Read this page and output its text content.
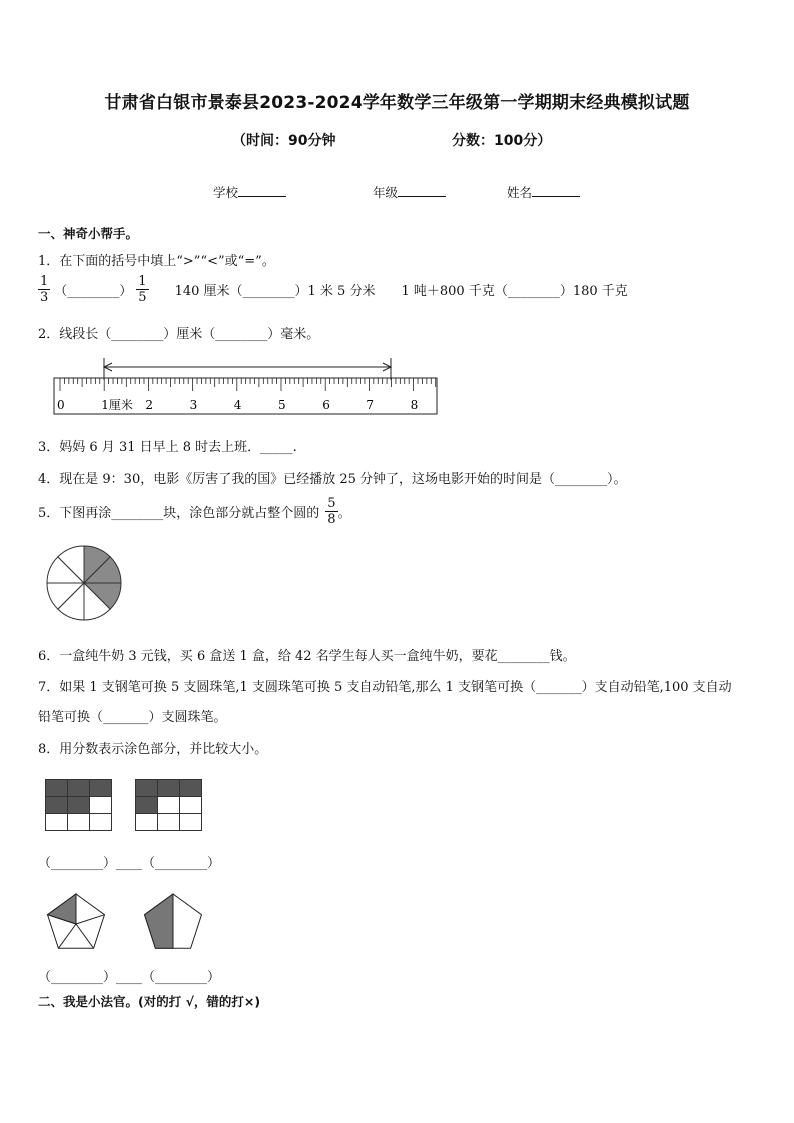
甘肃省白银市景泰县2023-2024学年数学三年级第一学期期末经典模拟试题
（时间：90分钟	分数：100分）
学校	年级	姓名
一、神奇小帮手。
1．在下面的括号中填上“>”“<”或“=”。
$\frac{1}{3}$ （________） $\frac{1}{5} 140$ 厘米（________）1 米 5 分米 1 吨＋800 千克（________）180 千克
2．线段长（________）厘米（________）毫米。
0	1厘米 2	3	4	5	6	7	8
3．妈妈 6 月 31 日早上 8 时去上班．_____.
4．现在是 9：30，电影《厉害了我的国》已经播放 25 分钟了，这场电影开始的时间是（________）。
5．下图再涂________块，涂色部分就占整个圆的 $\frac{5}{8}$ 。
6．一盒纯牛奶 3 元钱，买 6 盒送 1 盒，给 42 名学生每人买一盒纯牛奶，要花________钱。
7．如果 1 支钢笔可换 5 支圆珠笔,1 支圆珠笔可换 5 支自动铅笔,那么 1 支钢笔可换（_______）支自动铅笔,100 支自动
铅笔可换（_______）支圆珠笔。
8．用分数表示涂色部分，并比较大小。

（________）____（________）
（________）____（________）
二、我是小法官。(对的打 √，错的打×)
